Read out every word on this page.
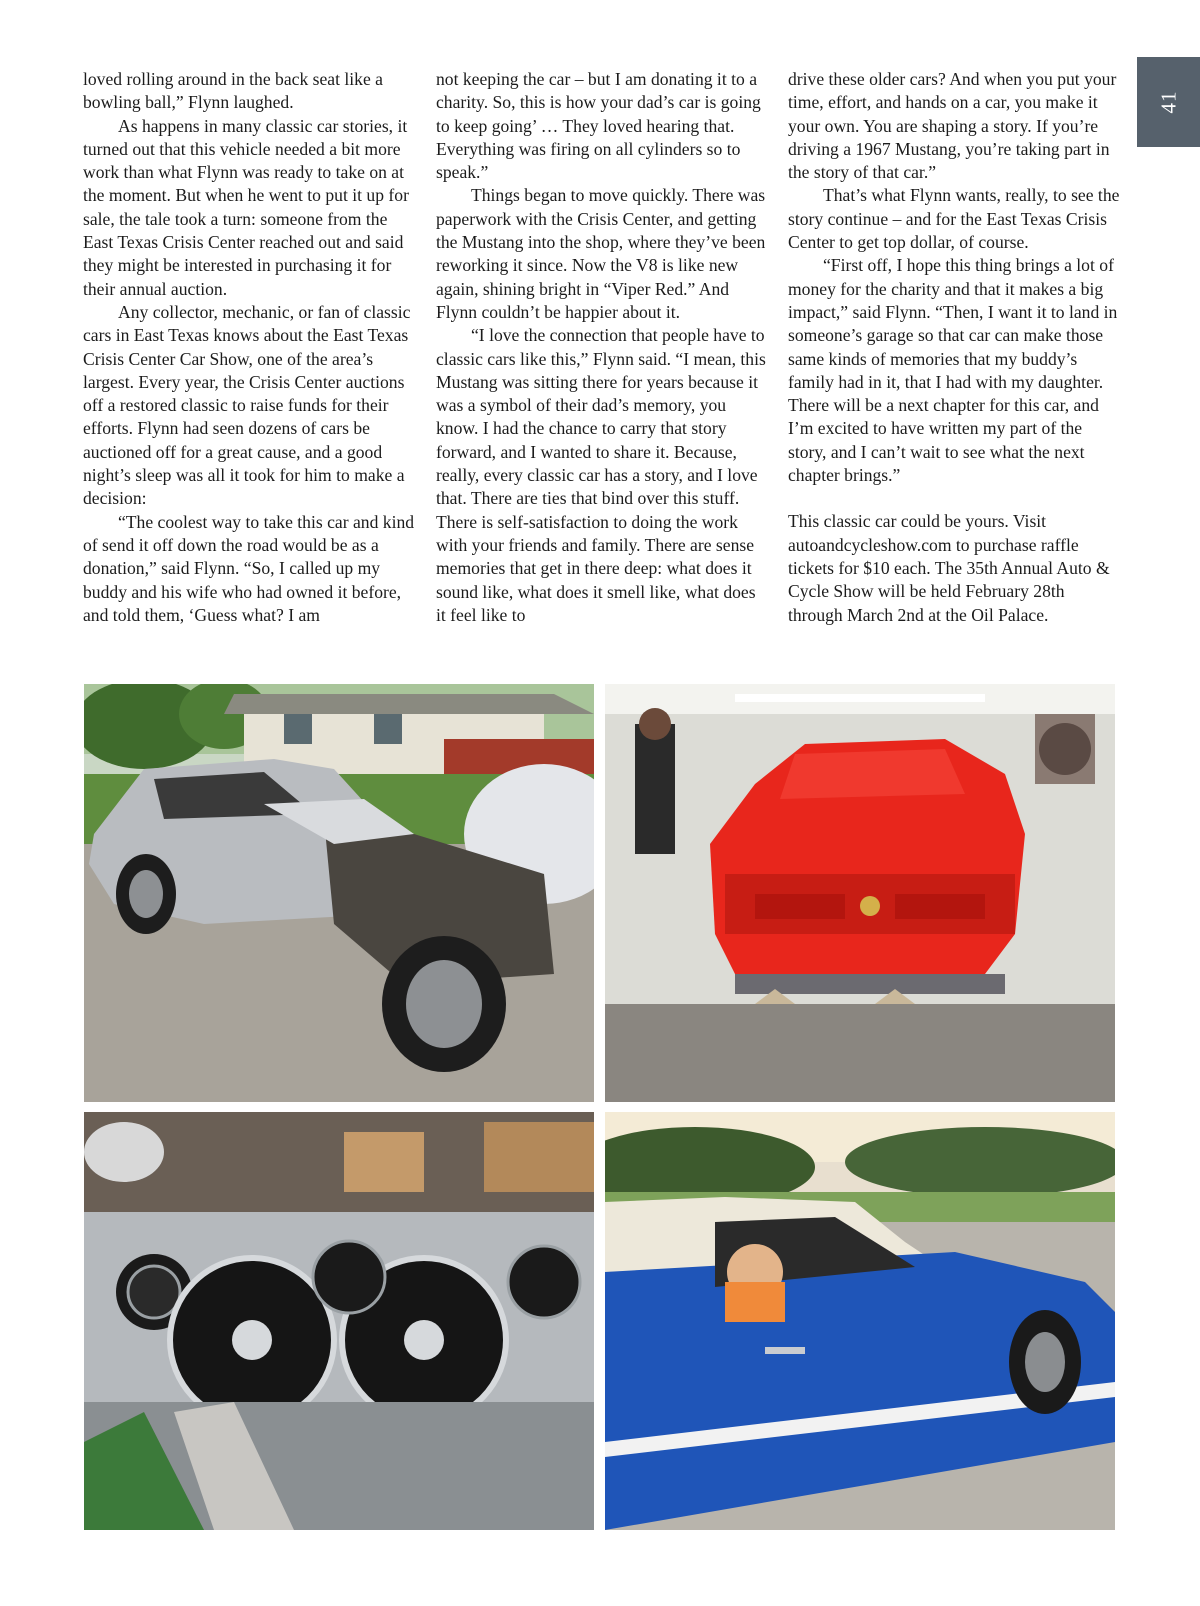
41

loved rolling around in the back seat like a bowling ball,” Flynn laughed.

As happens in many classic car stories, it turned out that this vehicle needed a bit more work than what Flynn was ready to take on at the moment. But when he went to put it up for sale, the tale took a turn: someone from the East Texas Crisis Center reached out and said they might be interested in purchasing it for their annual auction.

Any collector, mechanic, or fan of classic cars in East Texas knows about the East Texas Crisis Center Car Show, one of the area’s largest. Every year, the Crisis Center auctions off a restored classic to raise funds for their efforts. Flynn had seen dozens of cars be auctioned off for a great cause, and a good night’s sleep was all it took for him to make a decision:

“The coolest way to take this car and kind of send it off down the road would be as a donation,” said Flynn. “So, I called up my buddy and his wife who had owned it before, and told them, ‘Guess what? I am

not keeping the car – but I am donating it to a charity. So, this is how your dad’s car is going to keep going’ … They loved hearing that. Everything was firing on all cylinders so to speak.”

Things began to move quickly. There was paperwork with the Crisis Center, and getting the Mustang into the shop, where they’ve been reworking it since. Now the V8 is like new again, shining bright in “Viper Red.” And Flynn couldn’t be happier about it.

“I love the connection that people have to classic cars like this,” Flynn said. “I mean, this Mustang was sitting there for years because it was a symbol of their dad’s memory, you know. I had the chance to carry that story forward, and I wanted to share it. Because, really, every classic car has a story, and I love that. There are ties that bind over this stuff. There is self-satisfaction to doing the work with your friends and family. There are sense memories that get in there deep: what does it sound like, what does it smell like, what does it feel like to

drive these older cars? And when you put your time, effort, and hands on a car, you make it your own. You are shaping a story. If you’re driving a 1967 Mustang, you’re taking part in the story of that car.”

That’s what Flynn wants, really, to see the story continue – and for the East Texas Crisis Center to get top dollar, of course.

“First off, I hope this thing brings a lot of money for the charity and that it makes a big impact,” said Flynn. “Then, I want it to land in someone’s garage so that car can make those same kinds of memories that my buddy’s family had in it, that I had with my daughter. There will be a next chapter for this car, and I’m excited to have written my part of the story, and I can’t wait to see what the next chapter brings.”

This classic car could be yours. Visit autoandcycleshow.com to purchase raffle tickets for $10 each. The 35th Annual Auto & Cycle Show will be held February 28th through March 2nd at the Oil Palace.
